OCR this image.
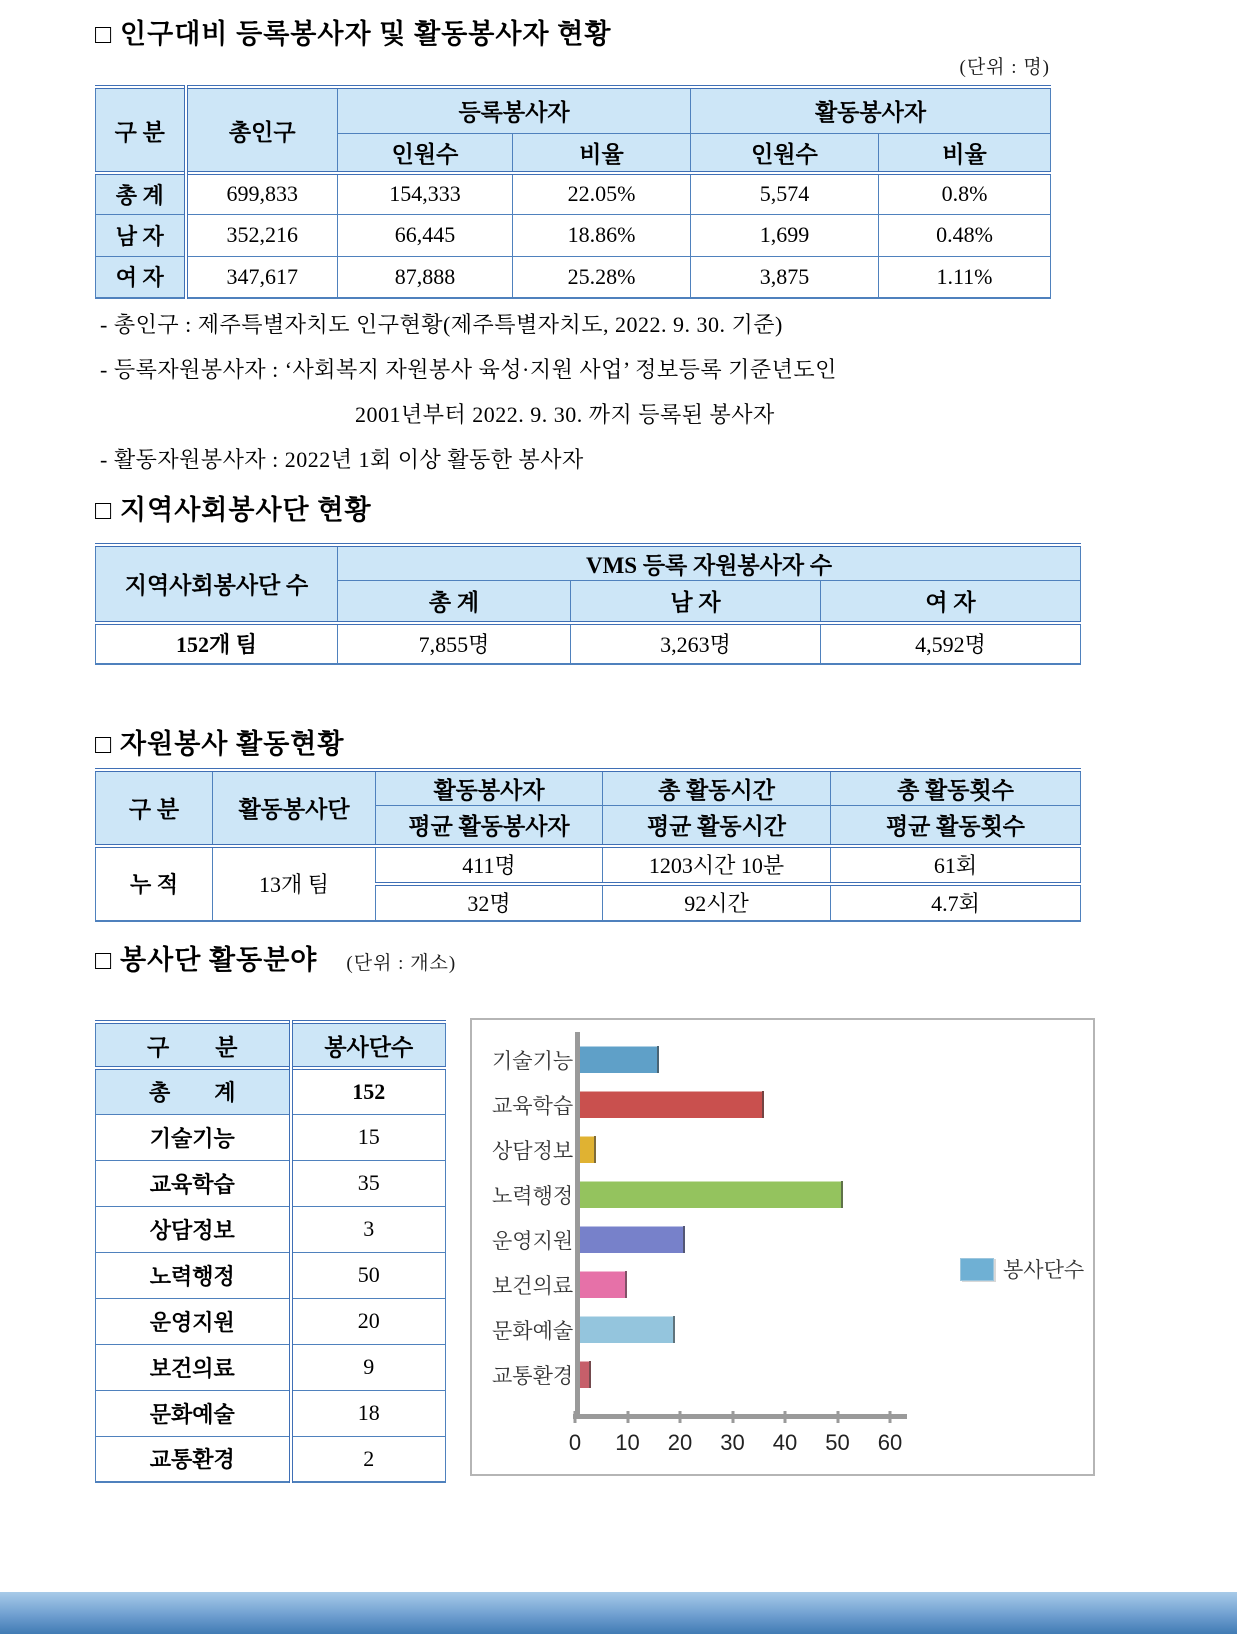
□ 인구대비 등록봉사자 및 활동봉사자 현황
(단위 : 명)
구 분	총인구	등록봉사자		활동봉사자	
		인원수	비율	인원수	비율
총 계	699,833	154,333	22.05%	5,574	0.8%
남 자	352,216	66,445	18.86%	1,699	0.48%
여 자	347,617	87,888	25.28%	3,875	1.11%
- 총인구 : 제주특별자치도 인구현황(제주특별자치도, 2022. 9. 30. 기준)
- 등록자원봉사자 : ‘사회복지 자원봉사 육성·지원 사업’ 정보등록 기준년도인
2001년부터 2022. 9. 30. 까지 등록된 봉사자
- 활동자원봉사자 : 2022년 1회 이상 활동한 봉사자
□ 지역사회봉사단 현황
지역사회봉사단 수	VMS 등록 자원봉사자 수		
	총 계	남 자	여 자
152개 팀	7,855명	3,263명	4,592명
□ 자원봉사 활동현황
구 분	활동봉사단	활동봉사자	총 활동시간	총 활동횟수
		평균 활동봉사자	평균 활동시간	평균 활동횟수
누 적	13개 팀	411명	1203시간 10분	61회
		32명	92시간	4.7회
□ 봉사단 활동분야 (단위 : 개소)
구　　분	봉사단수
총　　계	152
기술기능	15
교육학습	35
상담정보	3
노력행정	50
운영지원	20
보건의료	9
문화예술	18
교통환경	2
기술기능
교육학습
상담정보
노력행정
운영지원
보건의료
문화예술
교통환경
0 10 20 30 40 50 60
봉사단수
